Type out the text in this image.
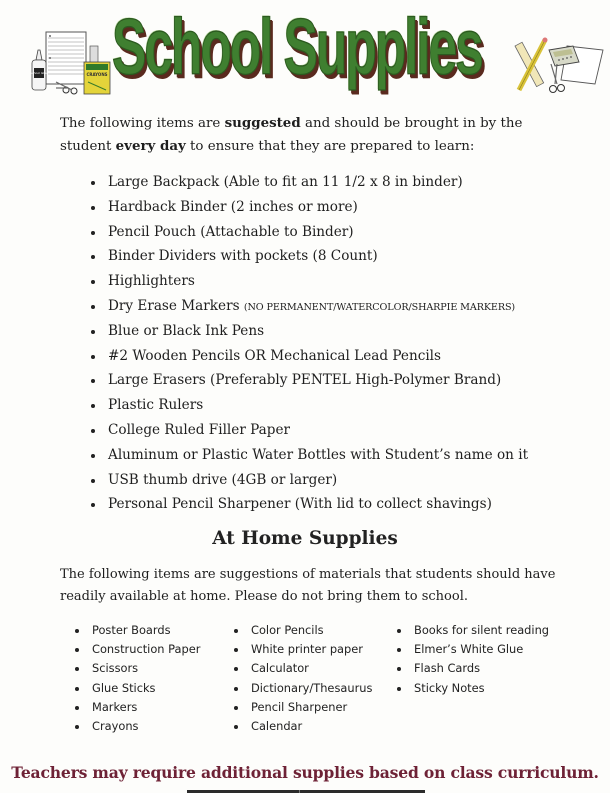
School Glue	CRAYONS School Supplies
The following items are suggested and should be brought in by the student every day to ensure that they are prepared to learn:
Large Backpack (Able to fit an 11 1/2 x 8 in binder)
Hardback Binder (2 inches or more)
Pencil Pouch (Attachable to Binder)
Binder Dividers with pockets (8 Count)
Highlighters
Dry Erase Markers (NO PERMANENT/WATERCOLOR/SHARPIE MARKERS)
Blue or Black Ink Pens
#2 Wooden Pencils OR Mechanical Lead Pencils
Large Erasers (Preferably PENTEL High-Polymer Brand)
Plastic Rulers
College Ruled Filler Paper
Aluminum or Plastic Water Bottles with Student’s name on it
USB thumb drive (4GB or larger)
Personal Pencil Sharpener (With lid to collect shavings)
At Home Supplies
The following items are suggestions of materials that students should have readily available at home. Please do not bring them to school.
Poster Boards
Construction Paper
Scissors
Glue Sticks
Markers
Crayons
Color Pencils
White printer paper
Calculator
Dictionary/Thesaurus
Pencil Sharpener
Calendar
Books for silent reading
Elmer’s White Glue
Flash Cards
Sticky Notes
Teachers may require additional supplies based on class curriculum.
